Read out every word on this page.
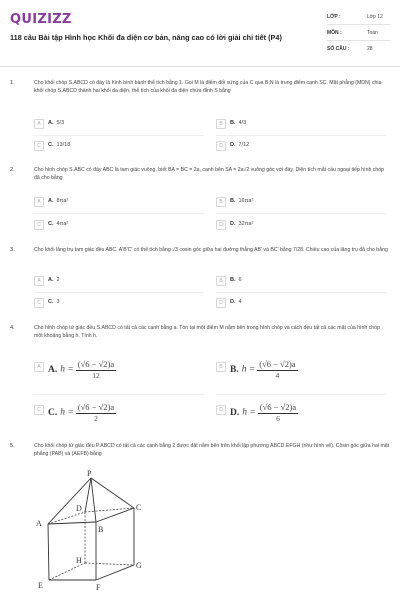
QUIZIZZ
118 câu Bài tập Hình học Khối đa diện cơ bản, nâng cao có lời giải chi tiết (P4)
LỚP :	Lớp 12
MÔN :	Toán
SỐ CÂU :	28
1.	Cho khối chóp S.ABCD có đáy là hình bình bành thể tích bằng 1. Gọi M là điểm đối xứng của C qua B;N là trung điểm cạnh SC. Mặt phẳng (MDN) chia khối chóp S.ABCD thành hai khối đa diện, thể tích của khối đa diện chứa đỉnh S bằng
A	A. 5/3	B	B. 4/3
C	C. 13/18	D	D. 7/12
2.	Cho hình chóp S.ABC có đáy ABC là tam giác vuông, biết BA = BC = 2a, cạnh bên SA = 2a√2 vuông góc với đáy. Diện tích mặt cầu ngoại tiếp hình chóp đã cho bằng
A	A. 8πa²	B	B. 16πa²
C	C. 4πa²	D	D. 32πa²
3.	Cho khối lăng trụ tam giác đều ABC. A'B'C' có thể tích bằng √3 cosin góc giữa hai đường thẳng AB' và BC' bằng 7/28. Chiều cao của lăng trụ đã cho bằng
A	A. 2	B	B. 6
C	C. 3	D	D. 4
4.	Cho hình chóp tứ giác đều S.ABCD có tất cả các cạnh bằng a. Tồn tại một điểm M nằm bên trong hình chóp và cách đều tất cả các mặt của hình chóp một khoảng bằng h. Tính h.
A A. $h = \frac{(√6 - √2)a}{12}$	B B. $h = \frac{(√6 - √2)a}{4}$
C C. $h = \frac{(√6 - √2)a}{2}$	D D. $h = \frac{(√6 - √2)a}{6}$
5.	Cho khối chóp tứ giác đều P.ABCD có tất cả các cạnh bằng 2 được đặt nằm bên trên khối lập phương ABCD.EFGH (như hình vẽ). Côsin góc giữa hai mặt phẳng (PAB) và (AEFB) bằng
P
A
B
C
D
E	F
G
H
